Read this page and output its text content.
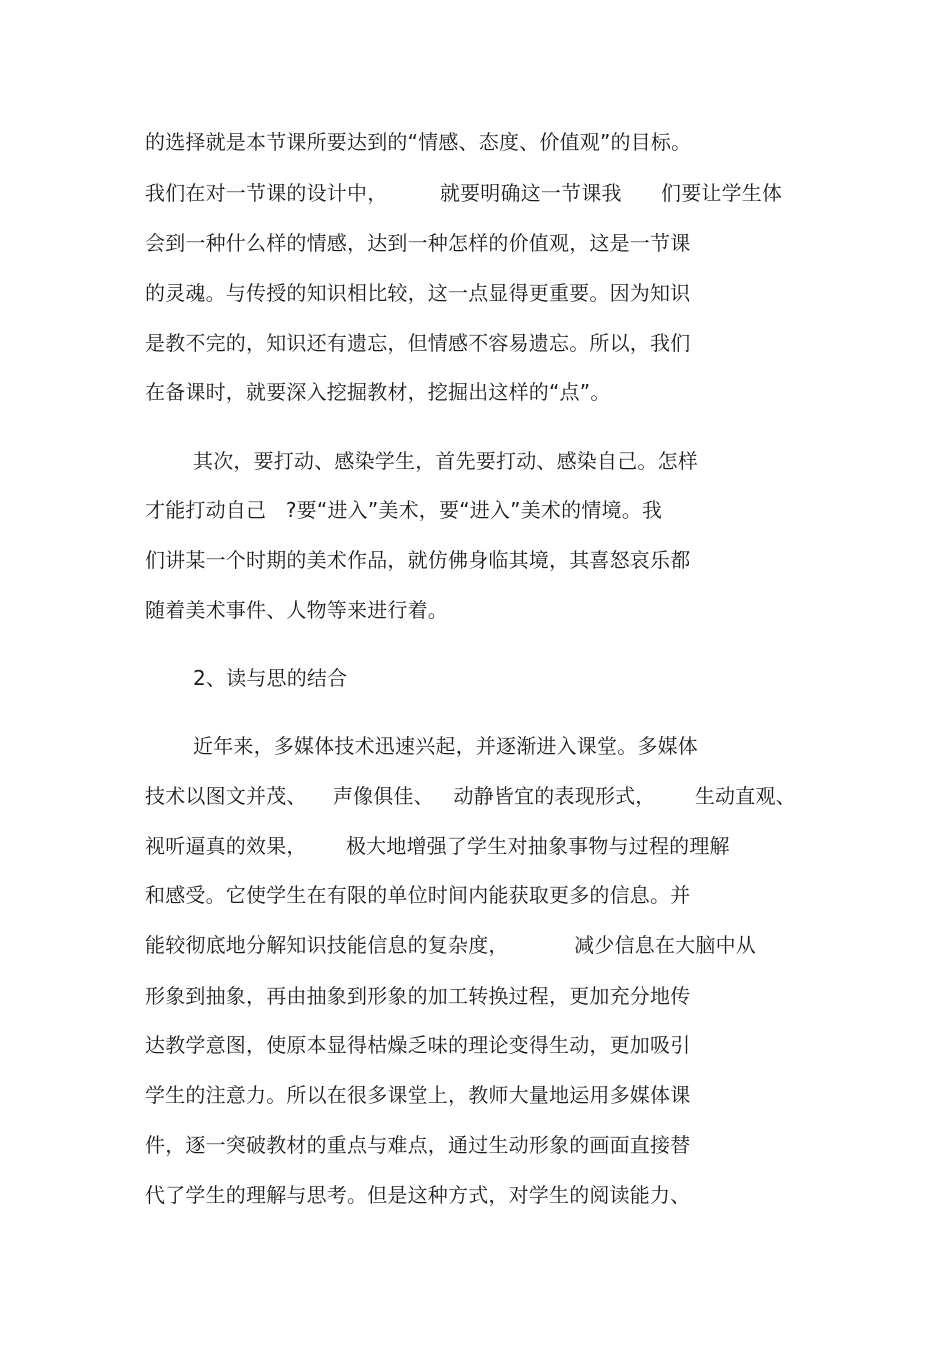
的选择就是本节课所要达到的“情感、态度、价值观”的目标。
我们在对一节课的设计中，        就要明确这一节课我      们要让学生体
会到一种什么样的情感，达到一种怎样的价值观，这是一节课
的灵魂。与传授的知识相比较，这一点显得更重要。因为知识
是教不完的，知识还有遗忘，但情感不容易遗忘。所以，我们
在备课时，就要深入挖掘教材，挖掘出这样的“点”。
其次，要打动、感染学生，首先要打动、感染自己。怎样
才能打动自己   ?要“进入”美术，要“进入”美术的情境。我
们讲某一个时期的美术作品，就仿佛身临其境，其喜怒哀乐都
随着美术事件、人物等来进行着。
2、读与思的结合
近年来，多媒体技术迅速兴起，并逐渐进入课堂。多媒体
技术以图文并茂、    声像俱佳、   动静皆宜的表现形式，      生动直观、
视听逼真的效果，      极大地增强了学生对抽象事物与过程的理解
和感受。它使学生在有限的单位时间内能获取更多的信息。并
能较彻底地分解知识技能信息的复杂度，          减少信息在大脑中从
形象到抽象，再由抽象到形象的加工转换过程，更加充分地传
达教学意图，使原本显得枯燥乏味的理论变得生动，更加吸引
学生的注意力。所以在很多课堂上，教师大量地运用多媒体课
件，逐一突破教材的重点与难点，通过生动形象的画面直接替
代了学生的理解与思考。但是这种方式，对学生的阅读能力、
